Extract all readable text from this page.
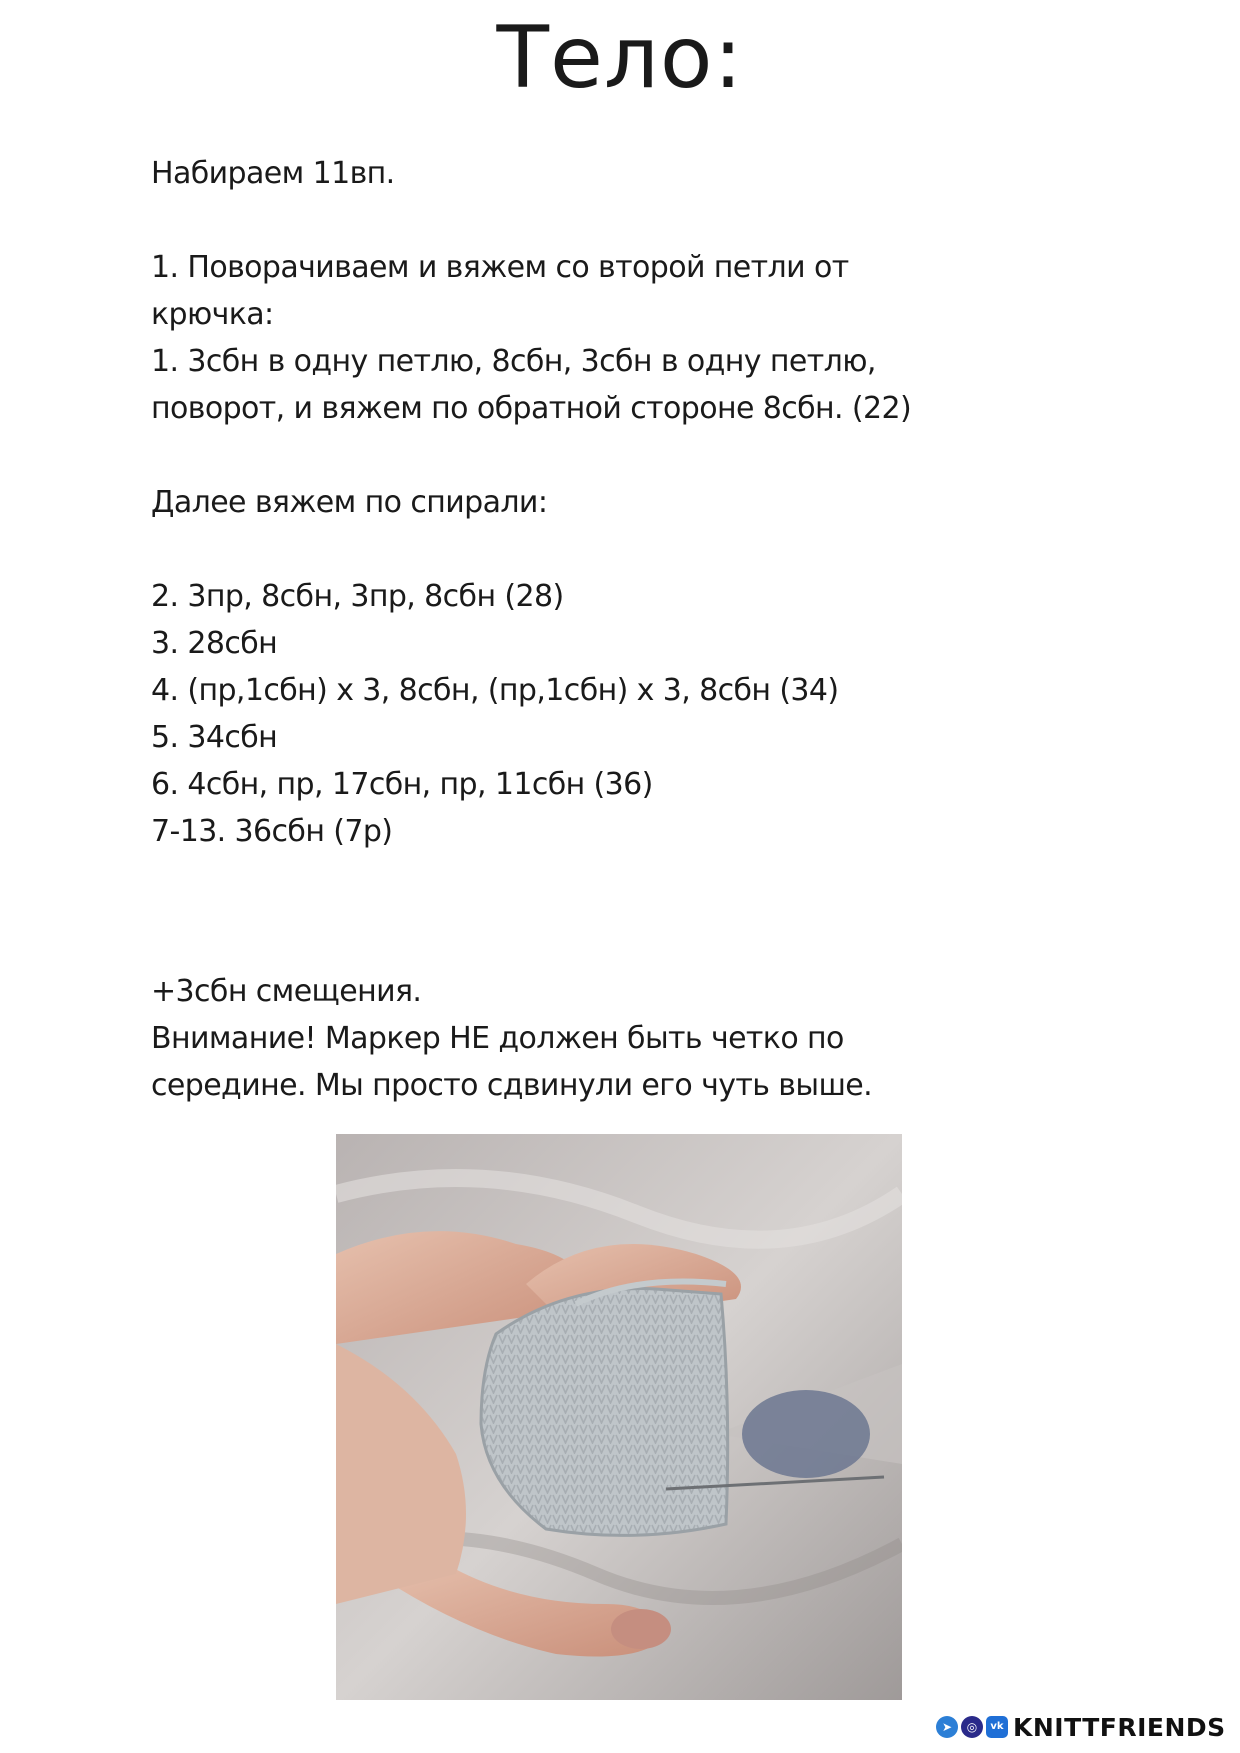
Тело:
Набираем 11вп.
1. Поворачиваем и вяжем со второй петли от
крючка:
1. 3сбн в одну петлю, 8сбн, 3сбн в одну петлю,
поворот, и вяжем по обратной стороне 8сбн. (22)
Далее вяжем по спирали:
2. 3пр, 8сбн, 3пр, 8сбн (28)
3. 28сбн
4. (пр,1сбн) х 3, 8сбн, (пр,1сбн) х 3, 8сбн (34)
5. 34сбн
6. 4сбн, пр, 17сбн, пр, 11сбн (36)
7-13. 36сбн (7р)
+3сбн смещения.
Внимание! Маркер НЕ должен быть четко по
середине. Мы просто сдвинули его чуть выше.
➤	◎	vk KNITTFRIENDS
